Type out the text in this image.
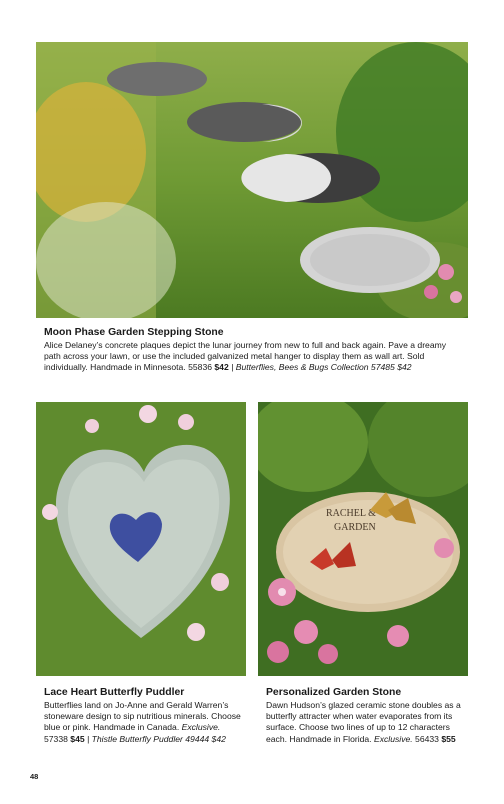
Moon Phase Garden Stepping Stone
Alice Delaney’s concrete plaques depict the lunar journey from new to full and back again. Pave a dreamy path across your lawn, or use the included galvanized metal hanger to display them as wall art. Sold individually. Handmade in Minnesota. 55836 $42 | Butterflies, Bees & Bugs Collection 57485 $42
RACHEL &
GARDEN
Lace Heart Butterfly Puddler
Butterflies land on Jo-Anne and Gerald Warren’s stoneware design to sip nutritious minerals. Choose blue or pink. Handmade in Canada. Exclusive. 57338 $45 | Thistle Butterfly Puddler 49444 $42
Personalized Garden Stone
Dawn Hudson’s glazed ceramic stone doubles as a butterfly attracter when water evaporates from its surface. Choose two lines of up to 12 characters each. Handmade in Florida. Exclusive. 56433 $55
48
